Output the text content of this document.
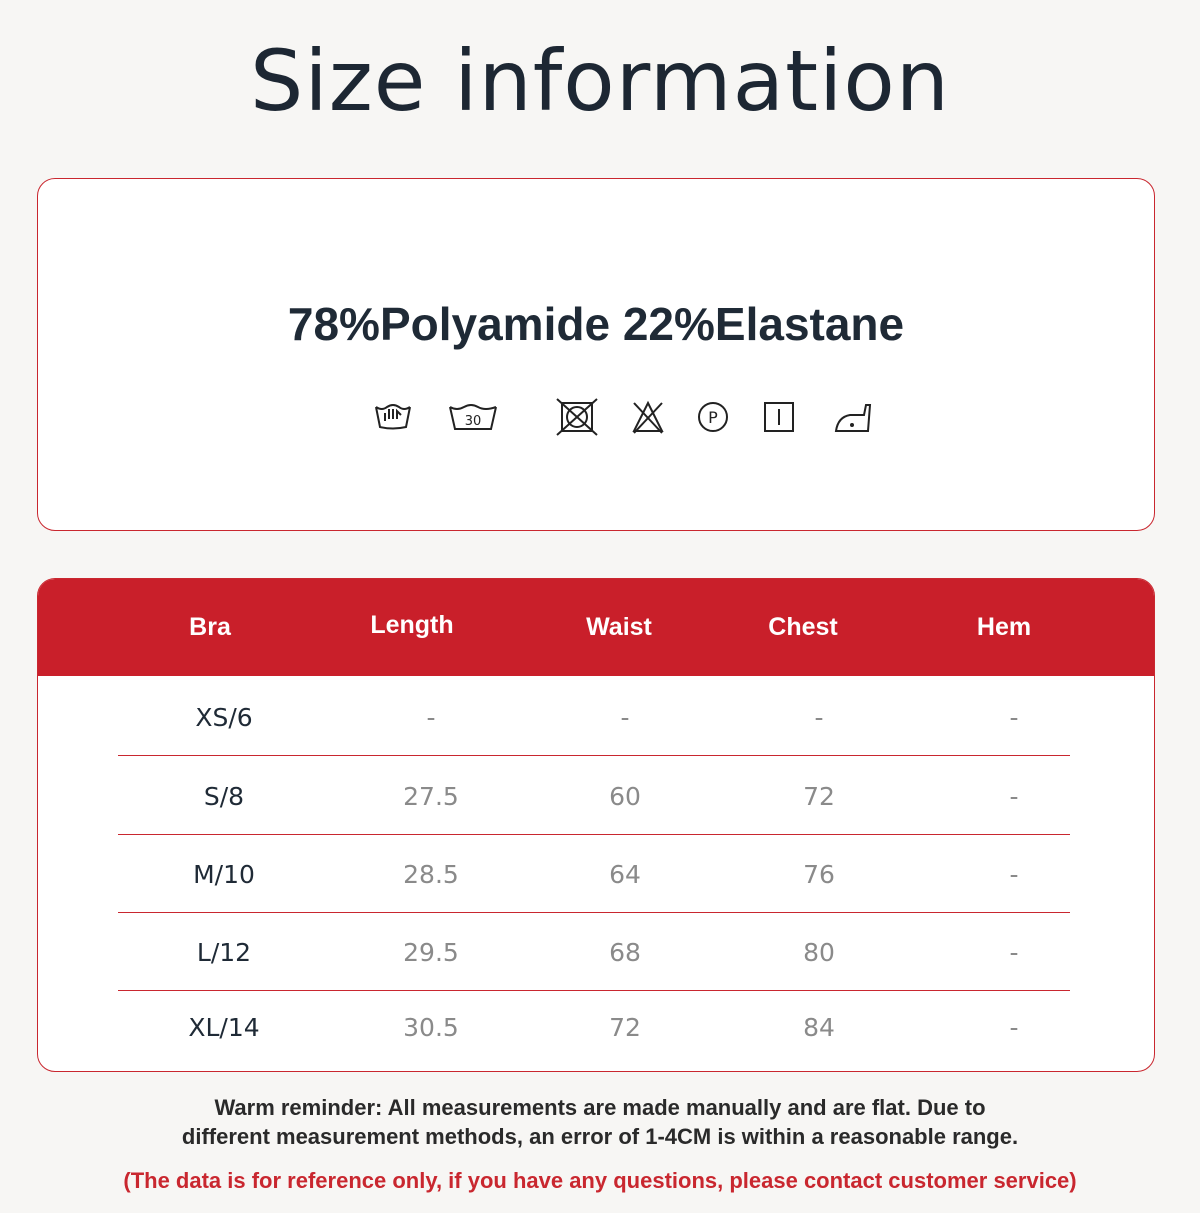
Size information
78%Polyamide 22%Elastane
30	P
Bra	Length	Waist	Chest	Hem
XS/6	-	-	-	-
S/8	27.5	60	72	-
M/10	28.5	64	76	-
L/12	29.5	68	80	-
XL/14	30.5	72	84	-
Warm reminder: All measurements are made manually and are flat. Due to
different measurement methods, an error of 1-4CM is within a reasonable range.
(The data is for reference only, if you have any questions, please contact customer service)
